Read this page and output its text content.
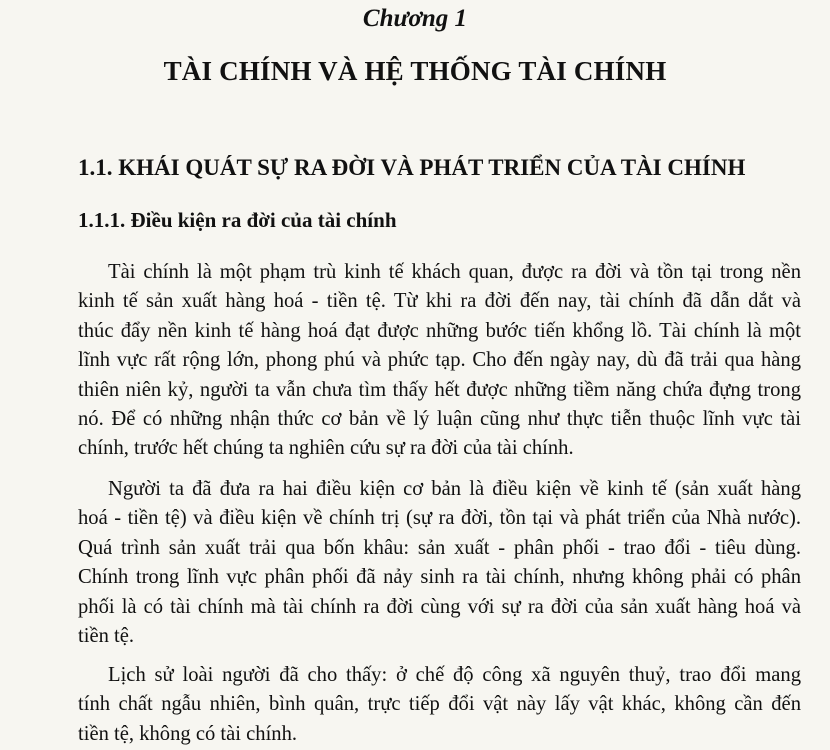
Chương 1
TÀI CHÍNH VÀ HỆ THỐNG TÀI CHÍNH
1.1. KHÁI QUÁT SỰ RA ĐỜI VÀ PHÁT TRIỂN CỦA TÀI CHÍNH
1.1.1. Điều kiện ra đời của tài chính
Tài chính là một phạm trù kinh tế khách quan, được ra đời và tồn tại trong nền
kinh tế sản xuất hàng hoá - tiền tệ. Từ khi ra đời đến nay, tài chính đã dẫn dắt và
thúc đẩy nền kinh tế hàng hoá đạt được những bước tiến khổng lồ. Tài chính là một
lĩnh vực rất rộng lớn, phong phú và phức tạp. Cho đến ngày nay, dù đã trải qua hàng
thiên niên kỷ, người ta vẫn chưa tìm thấy hết được những tiềm năng chứa đựng trong
nó. Để có những nhận thức cơ bản về lý luận cũng như thực tiễn thuộc lĩnh vực tài
chính, trước hết chúng ta nghiên cứu sự ra đời của tài chính.
Người ta đã đưa ra hai điều kiện cơ bản là điều kiện về kinh tế (sản xuất hàng
hoá - tiền tệ) và điều kiện về chính trị (sự ra đời, tồn tại và phát triển của Nhà nước).
Quá trình sản xuất trải qua bốn khâu: sản xuất - phân phối - trao đổi - tiêu dùng.
Chính trong lĩnh vực phân phối đã nảy sinh ra tài chính, nhưng không phải có phân
phối là có tài chính mà tài chính ra đời cùng với sự ra đời của sản xuất hàng hoá và
tiền tệ.
Lịch sử loài người đã cho thấy: ở chế độ công xã nguyên thuỷ, trao đổi mang
tính chất ngẫu nhiên, bình quân, trực tiếp đổi vật này lấy vật khác, không cần đến
tiền tệ, không có tài chính.
